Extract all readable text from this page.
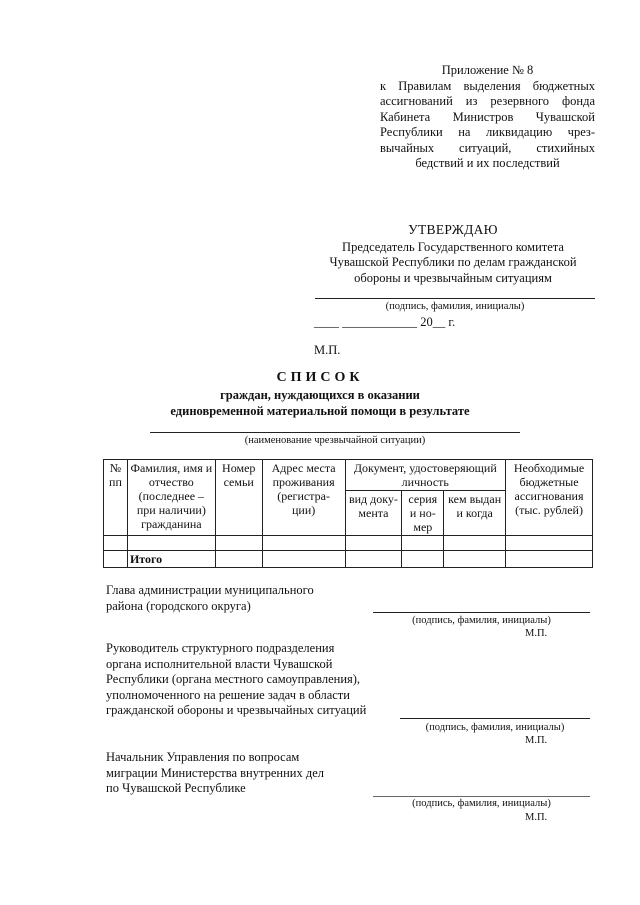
Приложение № 8
к Правилам выделения бюджетных
ассигнований из резервного фонда
Кабинета Министров Чувашской
Республики на ликвидацию чрез-
вычайных ситуаций, стихийных
бедствий и их последствий
УТВЕРЖДАЮ
Председатель Государственного комитета
Чувашской Республики по делам гражданской
обороны и чрезвычайным ситуациям
(подпись, фамилия, инициалы)
____ ____________ 20__ г.
М.П.
СПИСОК
граждан, нуждающихся в оказании
единовременной материальной помощи в результате
(наименование чрезвычайной ситуации)
№ пп	Фамилия, имя и отчество (последнее – при наличии) гражданина	Номер семьи	Адрес места проживания (регистра- ции)	Документ, удостоверяющий личность			Необходимые бюджетные ассигнования (тыс. рублей)
				вид доку- мента	серия и но- мер	кем выдан и когда	

	Итого						
Глава администрации муниципального
района (городского округа)
(подпись, фамилия, инициалы)
М.П.
Руководитель структурного подразделения
органа исполнительной власти Чувашской
Республики (органа местного самоуправления),
уполномоченного на решение задач в области
гражданской обороны и чрезвычайных ситуаций
(подпись, фамилия, инициалы)
М.П.
Начальник Управления по вопросам
миграции Министерства внутренних дел
по Чувашской Республике
(подпись, фамилия, инициалы)
М.П.
